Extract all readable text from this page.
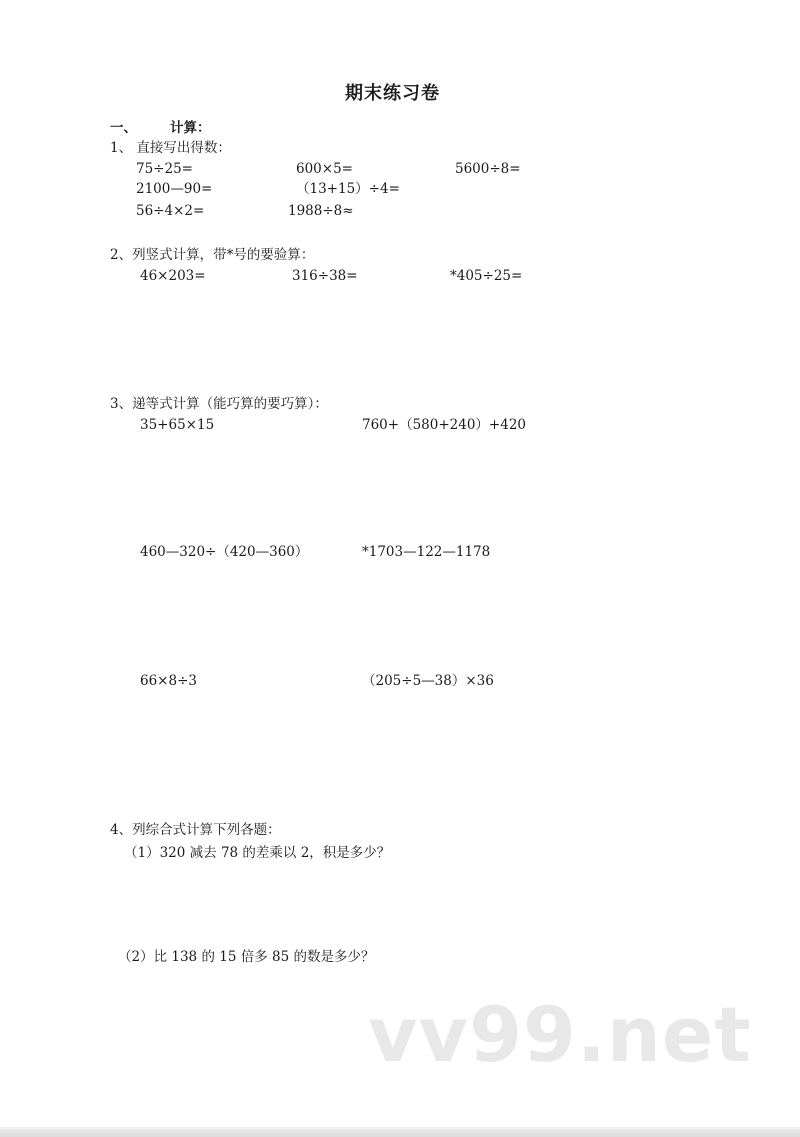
期末练习卷
一、 计算：
1、 直接写出得数：
75÷25=	600×5=	5600÷8=
2100—90=	（13+15）÷4=
56÷4×2=	1988÷8≈
2、列竖式计算，带*号的要验算：
46×203=	316÷38=	*405÷25=
3、递等式计算（能巧算的要巧算）：
35+65×15	760+（580+240）+420
460—320÷（420—360）	*1703—122—1178
66×8÷3	（205÷5—38）×36
4、列综合式计算下列各题：
（1）320 减去 78 的差乘以 2，积是多少？
（2）比 138 的 15 倍多 85 的数是多少？
vv99.net
